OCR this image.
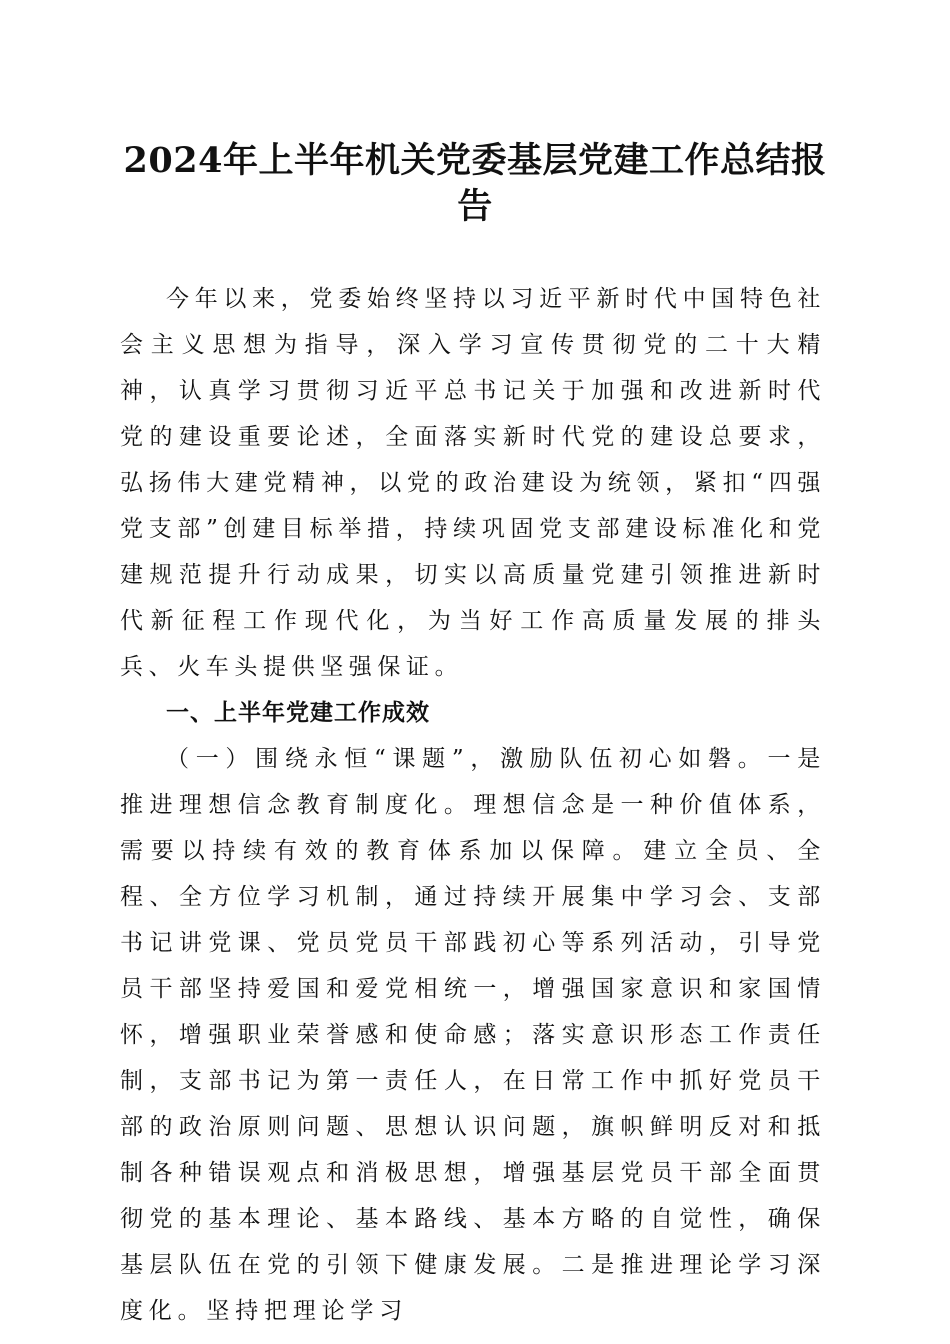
2024年上半年机关党委基层党建工作总结报告

今年以来，党委始终坚持以习近平新时代中国特色社会主义思想为指导，深入学习宣传贯彻党的二十大精神，认真学习贯彻习近平总书记关于加强和改进新时代党的建设重要论述，全面落实新时代党的建设总要求，弘扬伟大建党精神，以党的政治建设为统领，紧扣“四强党支部”创建目标举措，持续巩固党支部建设标准化和党建规范提升行动成果，切实以高质量党建引领推进新时代新征程工作现代化，为当好工作高质量发展的排头兵、火车头提供坚强保证。

一、上半年党建工作成效

（一）围绕永恒“课题”，激励队伍初心如磐。一是推进理想信念教育制度化。理想信念是一种价值体系，需要以持续有效的教育体系加以保障。建立全员、全程、全方位学习机制，通过持续开展集中学习会、支部书记讲党课、党员党员干部践初心等系列活动，引导党员干部坚持爱国和爱党相统一，增强国家意识和家国情怀，增强职业荣誉感和使命感；落实意识形态工作责任制，支部书记为第一责任人，在日常工作中抓好党员干部的政治原则问题、思想认识问题，旗帜鲜明反对和抵制各种错误观点和消极思想，增强基层党员干部全面贯彻党的基本理论、基本路线、基本方略的自觉性，确保基层队伍在党的引领下健康发展。二是推进理论学习深度化。坚持把理论学习
